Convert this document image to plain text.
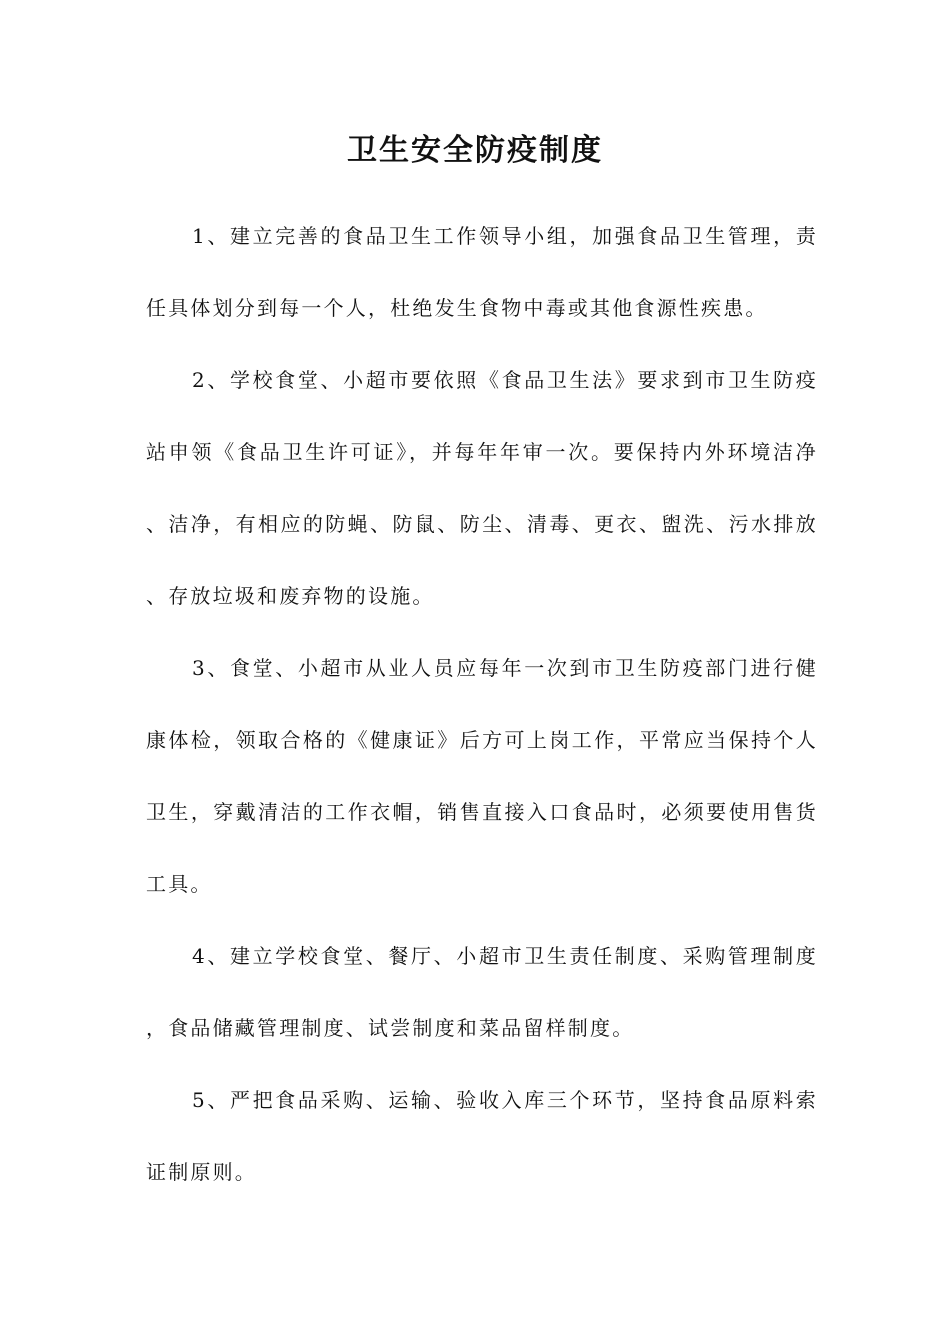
卫生安全防疫制度

1、建立完善的食品卫生工作领导小组，加强食品卫生管理，责任具体划分到每一个人，杜绝发生食物中毒或其他食源性疾患。

2、学校食堂、小超市要依照《食品卫生法》要求到市卫生防疫站申领《食品卫生许可证》，并每年年审一次。要保持内外环境洁净、洁净，有相应的防蝇、防鼠、防尘、清毒、更衣、盥洗、污水排放、存放垃圾和废弃物的设施。

3、食堂、小超市从业人员应每年一次到市卫生防疫部门进行健康体检，领取合格的《健康证》后方可上岗工作，平常应当保持个人卫生，穿戴清洁的工作衣帽，销售直接入口食品时，必须要使用售货工具。

4、建立学校食堂、餐厅、小超市卫生责任制度、采购管理制度，食品储藏管理制度、试尝制度和菜品留样制度。

5、严把食品采购、运输、验收入库三个环节，坚持食品原料索证制原则。
